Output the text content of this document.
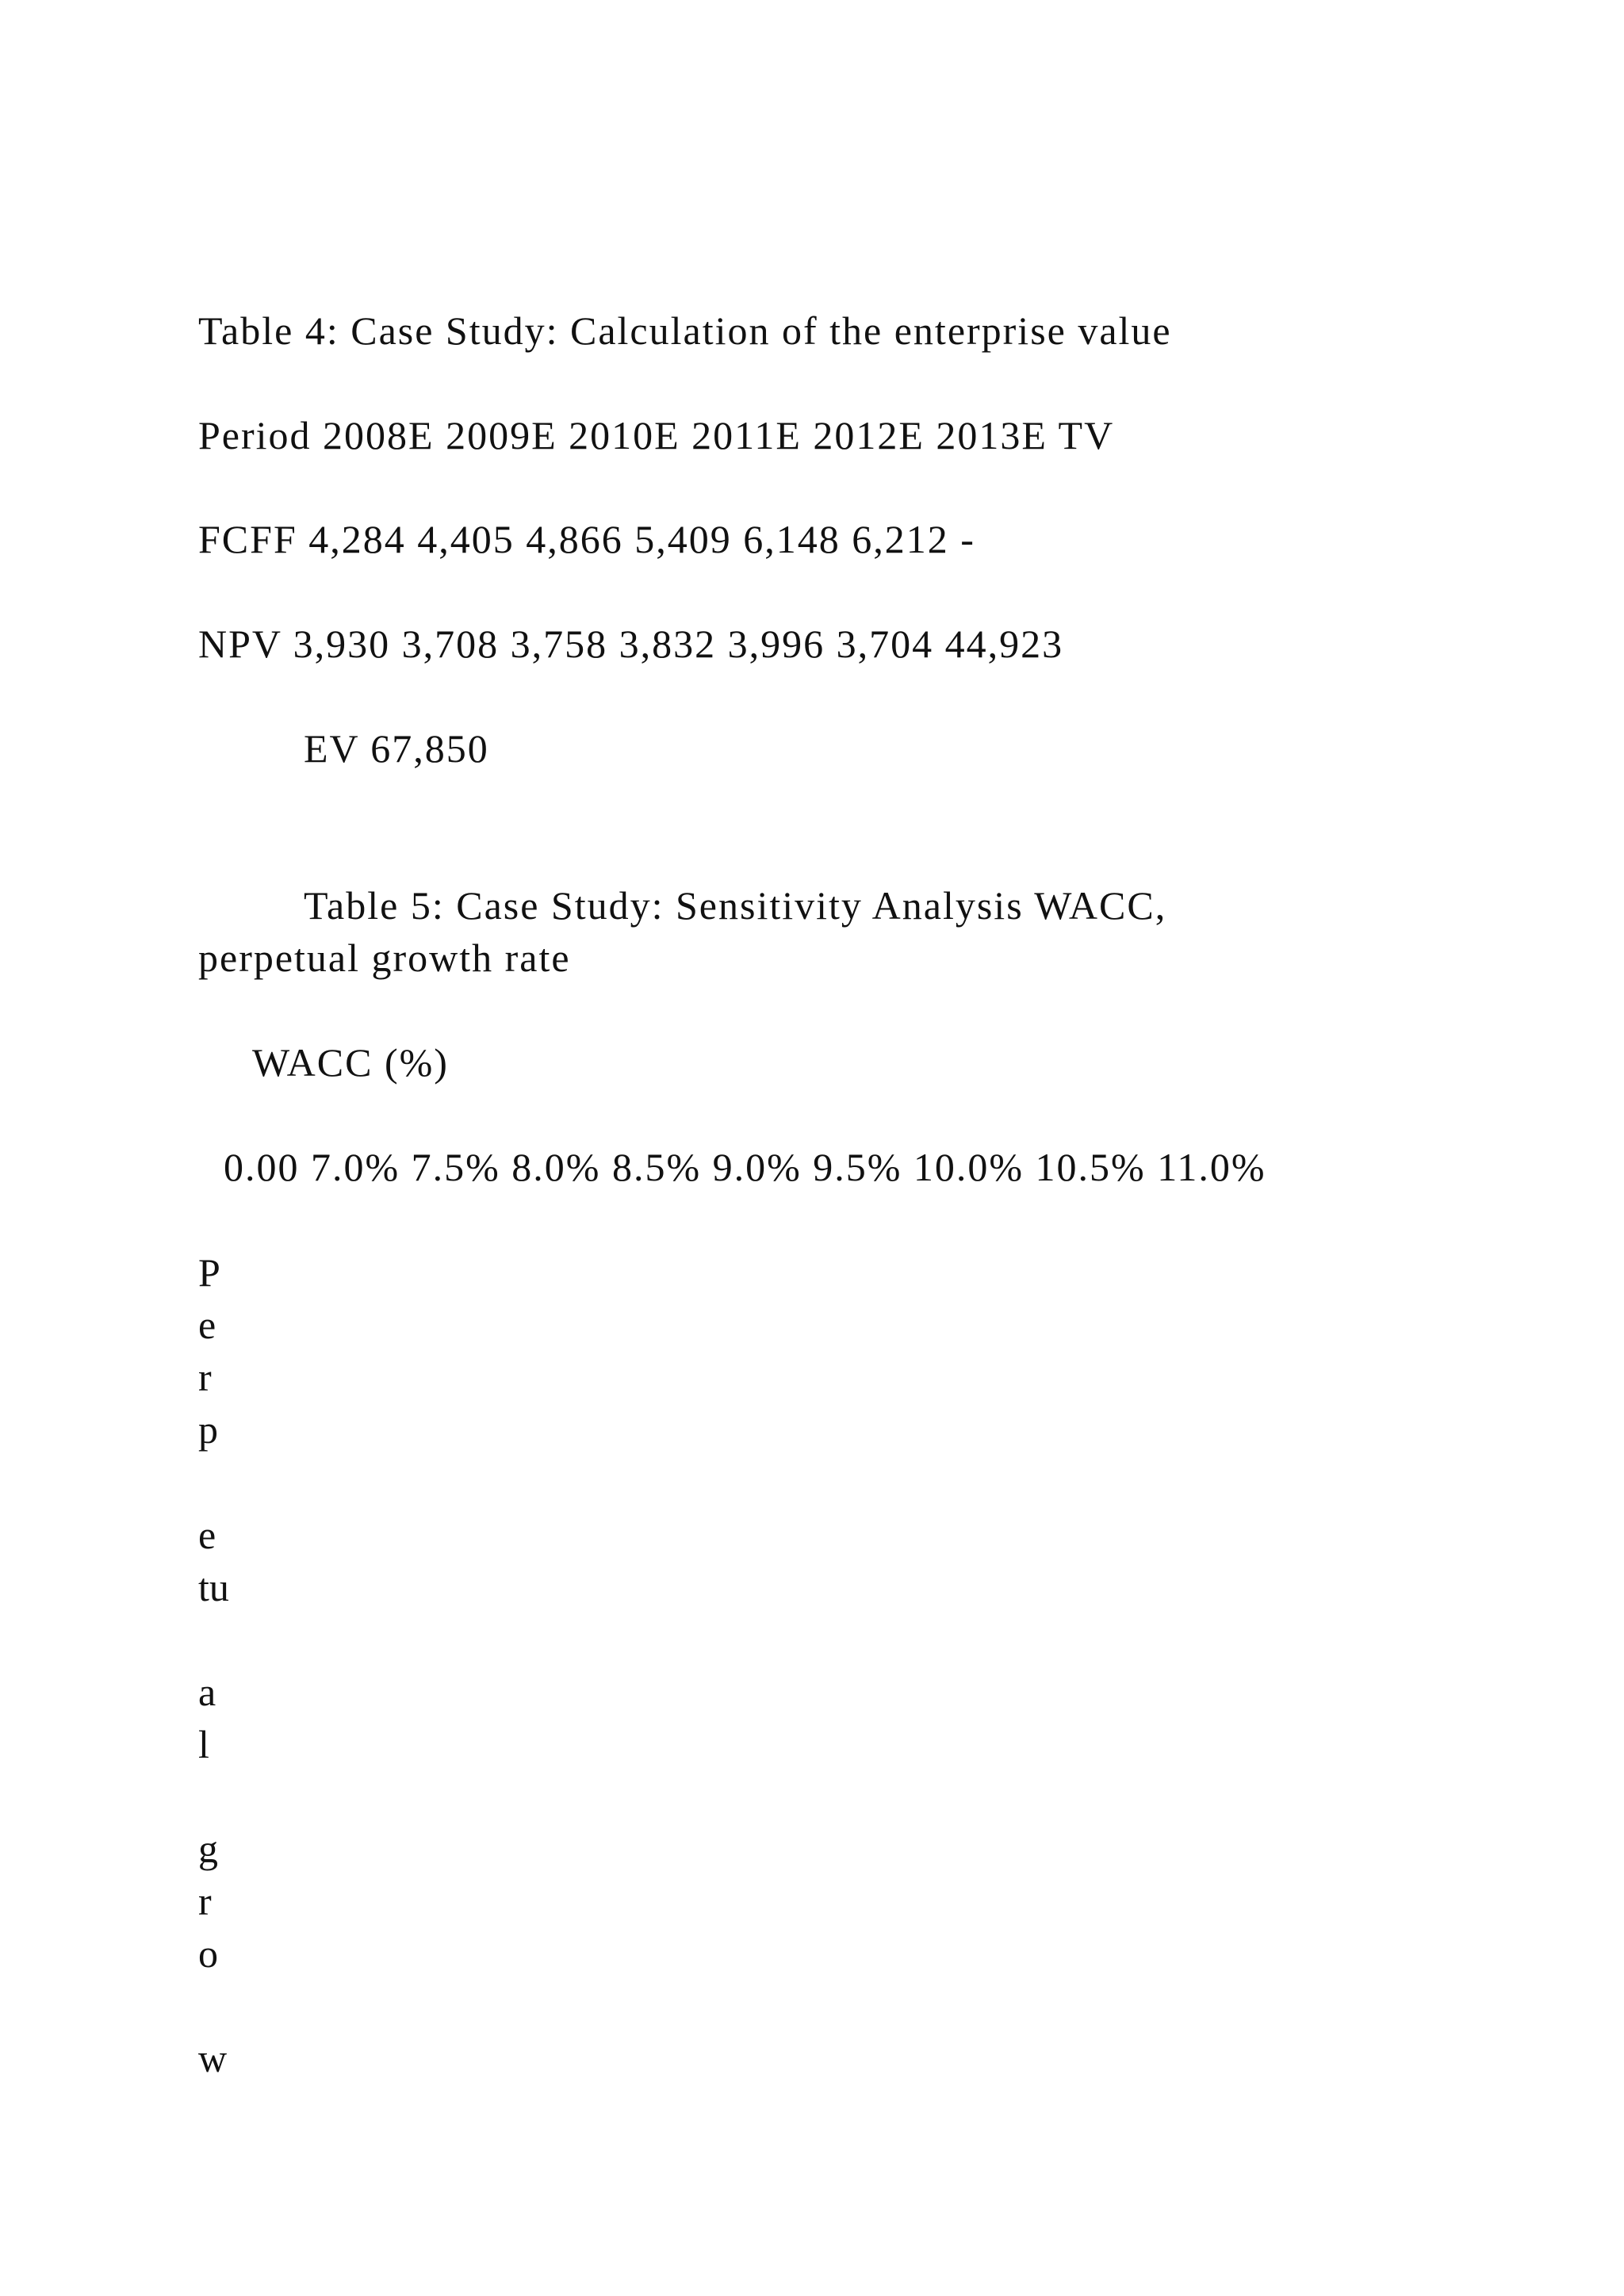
Table 4: Case Study: Calculation of the enterprise value
Period 2008E 2009E 2010E 2011E 2012E 2013E TV
FCFF 4,284 4,405 4,866 5,409 6,148 6,212 -
NPV 3,930 3,708 3,758 3,832 3,996 3,704 44,923
EV 67,850
Table 5: Case Study: Sensitivity Analysis WACC,
perpetual growth rate
WACC (%)
0.00 7.0% 7.5% 8.0% 8.5% 9.0% 9.5% 10.0% 10.5% 11.0%
P
e
r
p
e
tu
a
l
g
r
o
w
